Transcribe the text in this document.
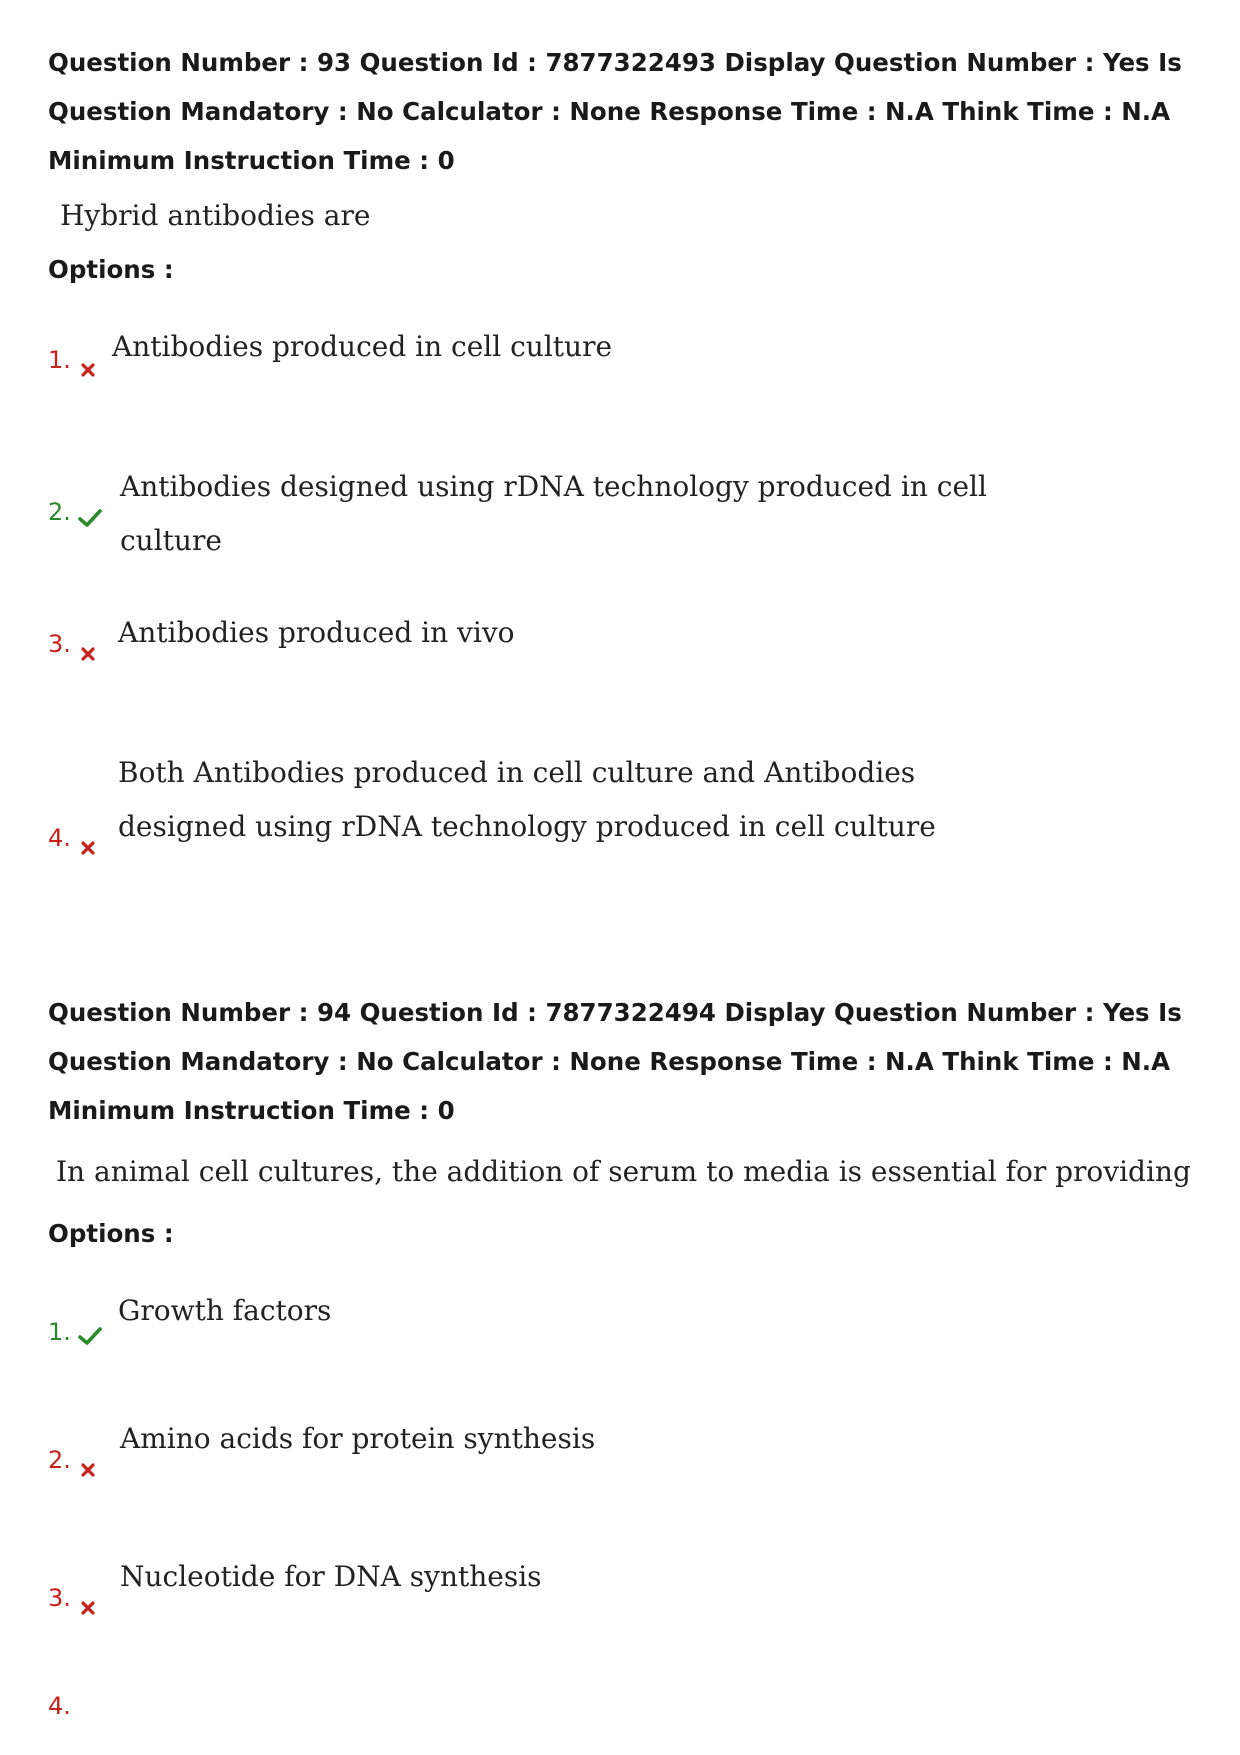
Question Number : 93 Question Id : 7877322493 Display Question Number : Yes Is Question Mandatory : No Calculator : None Response Time : N.A Think Time : N.A Minimum Instruction Time : 0

Hybrid antibodies are
Options :
1. Antibodies produced in cell culture
2.
Antibodies designed using rDNA technology produced in cell culture
3. Antibodies produced in vivo
4.
Both Antibodies produced in cell culture and Antibodies designed using rDNA technology produced in cell culture

Question Number : 94 Question Id : 7877322494 Display Question Number : Yes Is Question Mandatory : No Calculator : None Response Time : N.A Think Time : N.A Minimum Instruction Time : 0

In animal cell cultures, the addition of serum to media is essential for providing
Options :
1.
Growth factors
2.
Amino acids for protein synthesis
3.
Nucleotide for DNA synthesis
4.
